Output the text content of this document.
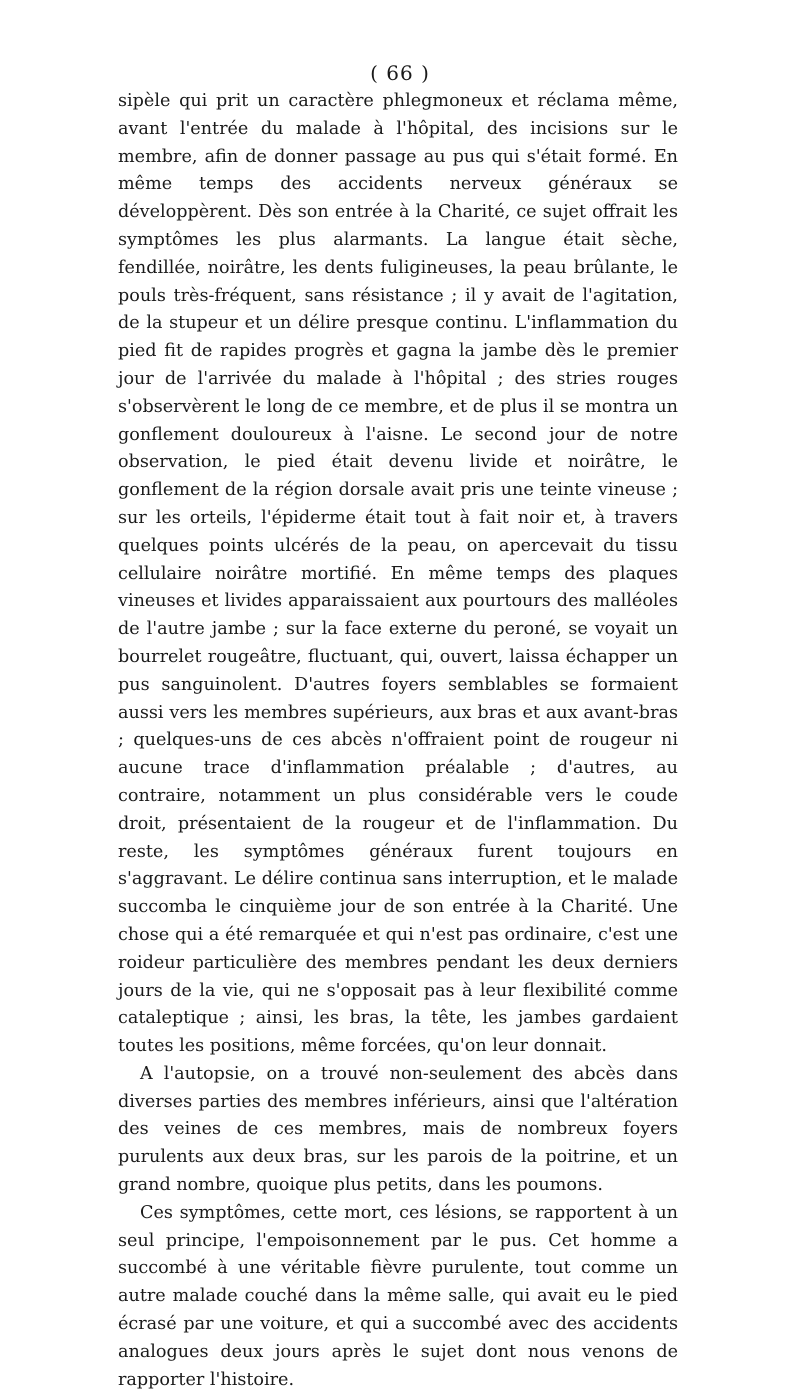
( 66 )

sipèle qui prit un caractère phlegmoneux et réclama même, avant l'entrée du malade à l'hôpital, des incisions sur le membre, afin de donner passage au pus qui s'était formé. En même temps des accidents nerveux généraux se développèrent. Dès son entrée à la Charité, ce sujet offrait les symptômes les plus alarmants. La langue était sèche, fendillée, noirâtre, les dents fuligineuses, la peau brûlante, le pouls très-fréquent, sans résistance ; il y avait de l'agitation, de la stupeur et un délire presque continu. L'inflammation du pied fit de rapides progrès et gagna la jambe dès le premier jour de l'arrivée du malade à l'hôpital ; des stries rouges s'observèrent le long de ce membre, et de plus il se montra un gonflement douloureux à l'aisne. Le second jour de notre observation, le pied était devenu livide et noirâtre, le gonflement de la région dorsale avait pris une teinte vineuse ; sur les orteils, l'épiderme était tout à fait noir et, à travers quelques points ulcérés de la peau, on apercevait du tissu cellulaire noirâtre mortifié. En même temps des plaques vineuses et livides apparaissaient aux pourtours des malléoles de l'autre jambe ; sur la face externe du peroné, se voyait un bourrelet rougeâtre, fluctuant, qui, ouvert, laissa échapper un pus sanguinolent. D'autres foyers semblables se formaient aussi vers les membres supérieurs, aux bras et aux avant-bras ; quelques-uns de ces abcès n'offraient point de rougeur ni aucune trace d'inflammation préalable ; d'autres, au contraire, notamment un plus considérable vers le coude droit, présentaient de la rougeur et de l'inflammation. Du reste, les symptômes généraux furent toujours en s'aggravant. Le délire continua sans interruption, et le malade succomba le cinquième jour de son entrée à la Charité. Une chose qui a été remarquée et qui n'est pas ordinaire, c'est une roideur particulière des membres pendant les deux derniers jours de la vie, qui ne s'opposait pas à leur flexibilité comme cataleptique ; ainsi, les bras, la tête, les jambes gardaient toutes les positions, même forcées, qu'on leur donnait.

A l'autopsie, on a trouvé non-seulement des abcès dans diverses parties des membres inférieurs, ainsi que l'altération des veines de ces membres, mais de nombreux foyers purulents aux deux bras, sur les parois de la poitrine, et un grand nombre, quoique plus petits, dans les poumons.

Ces symptômes, cette mort, ces lésions, se rapportent à un seul principe, l'empoisonnement par le pus. Cet homme a succombé à une véritable fièvre purulente, tout comme un autre malade couché dans la même salle, qui avait eu le pied écrasé par une voiture, et qui a succombé avec des accidents analogues deux jours après le sujet dont nous venons de rapporter l'histoire.
